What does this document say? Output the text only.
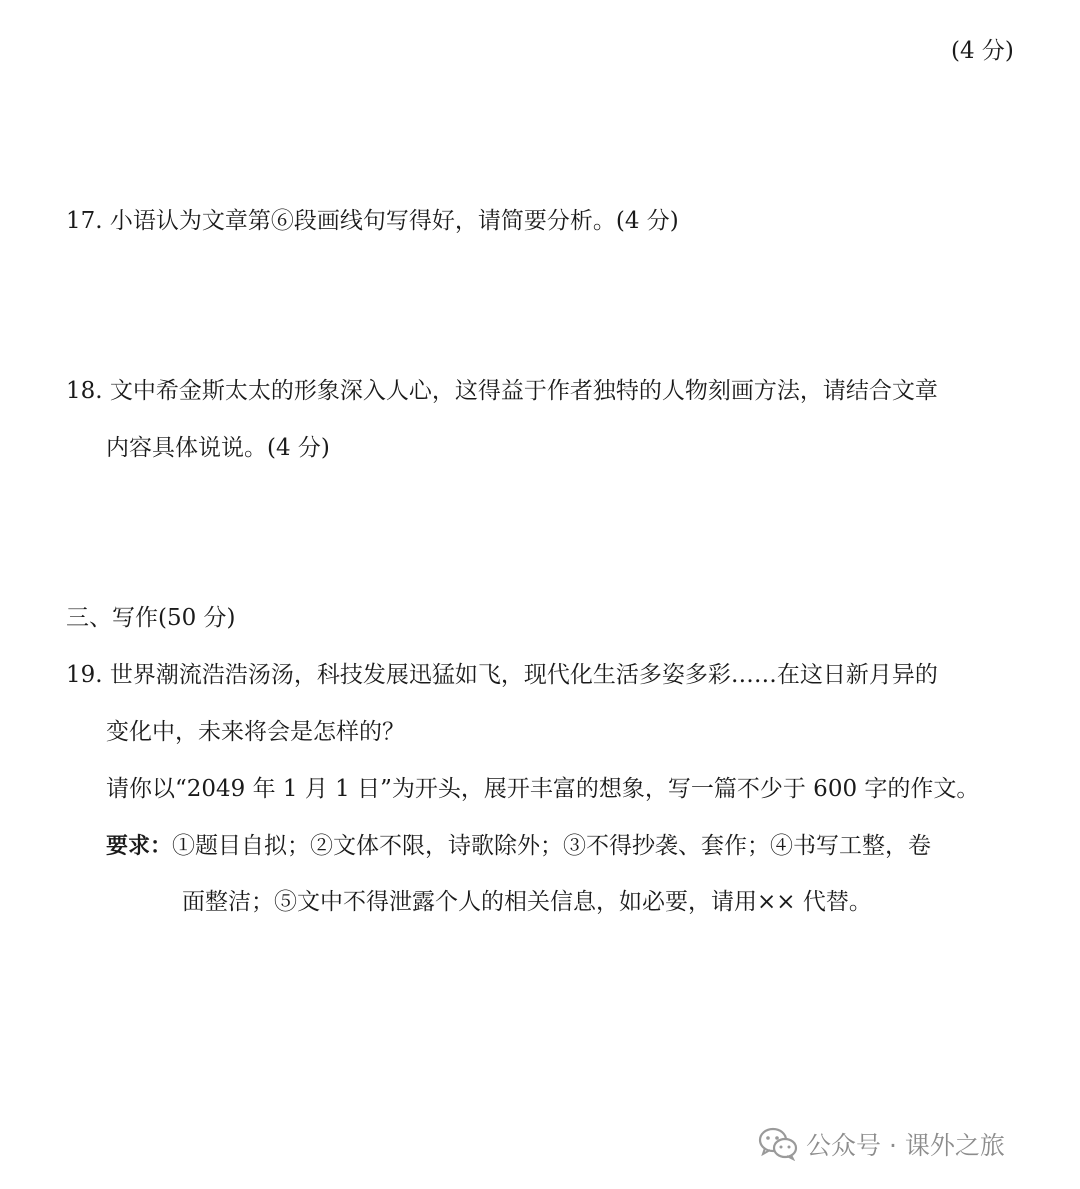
(4 分)
17. 小语认为文章第⑥段画线句写得好，请简要分析。(4 分)
18. 文中希金斯太太的形象深入人心，这得益于作者独特的人物刻画方法，请结合文章
内容具体说说。(4 分)
三、写作(50 分)
19. 世界潮流浩浩汤汤，科技发展迅猛如飞，现代化生活多姿多彩……在这日新月异的
变化中，未来将会是怎样的？
请你以“2049 年 1 月 1 日”为开头，展开丰富的想象，写一篇不少于 600 字的作文。
要求：①题目自拟；②文体不限，诗歌除外；③不得抄袭、套作；④书写工整，卷
面整洁；⑤文中不得泄露个人的相关信息，如必要，请用×× 代替。
公众号 · 课外之旅
